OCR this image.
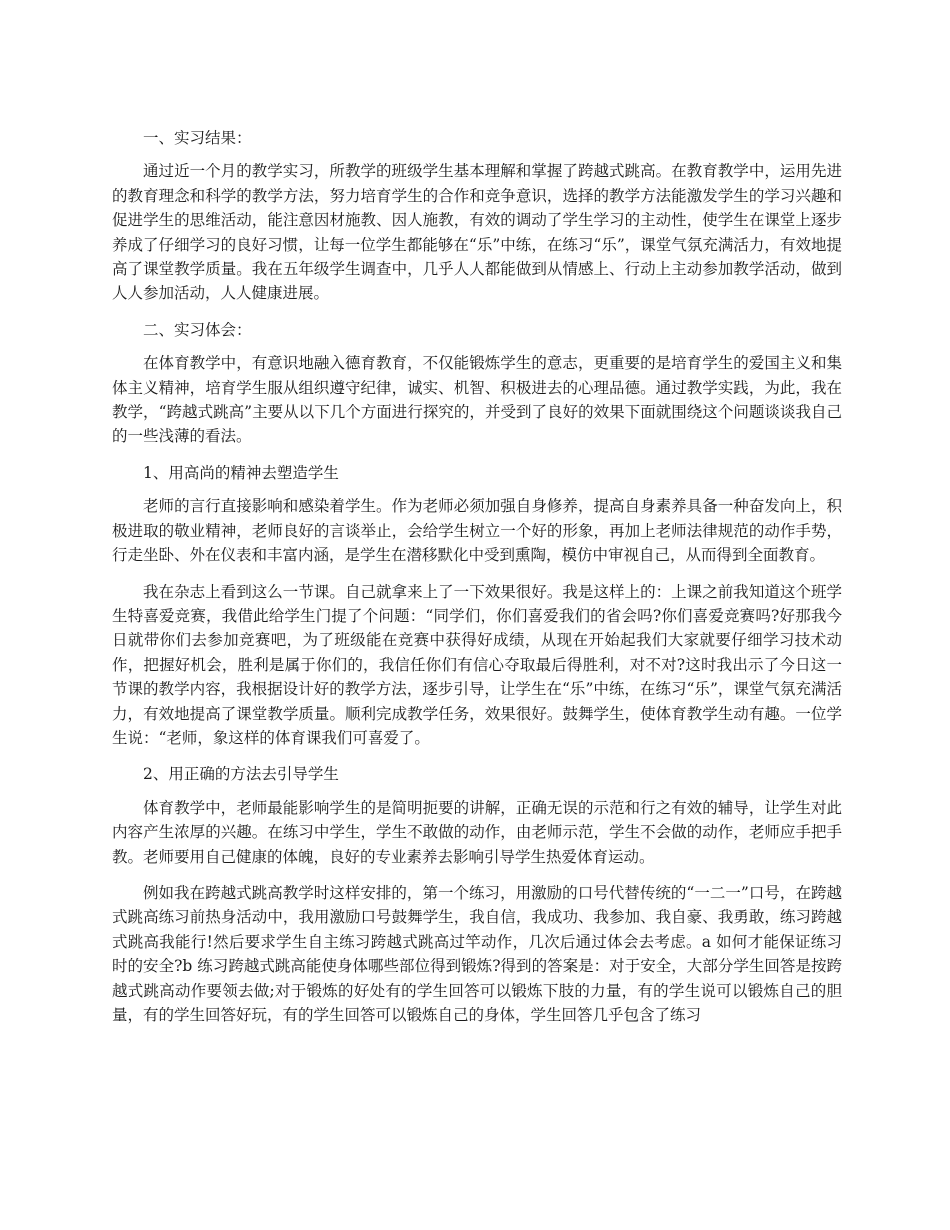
一、实习结果：

通过近一个月的教学实习，所教学的班级学生基本理解和掌握了跨越式跳高。在教育教学中，运用先进的教育理念和科学的教学方法，努力培育学生的合作和竞争意识，选择的教学方法能激发学生的学习兴趣和促进学生的思维活动，能注意因材施教、因人施教，有效的调动了学生学习的主动性，使学生在课堂上逐步养成了仔细学习的良好习惯，让每一位学生都能够在“乐”中练，在练习“乐”，课堂气氛充满活力，有效地提高了课堂教学质量。我在五年级学生调查中，几乎人人都能做到从情感上、行动上主动参加教学活动，做到人人参加活动，人人健康进展。

二、实习体会：

在体育教学中，有意识地融入德育教育，不仅能锻炼学生的意志，更重要的是培育学生的爱国主义和集体主义精神，培育学生服从组织遵守纪律，诚实、机智、积极进去的心理品德。通过教学实践，为此，我在教学，“跨越式跳高”主要从以下几个方面进行探究的，并受到了良好的效果下面就围绕这个问题谈谈我自己的一些浅薄的看法。

1、用高尚的精神去塑造学生

老师的言行直接影响和感染着学生。作为老师必须加强自身修养，提高自身素养具备一种奋发向上，积极进取的敬业精神，老师良好的言谈举止，会给学生树立一个好的形象，再加上老师法律规范的动作手势，行走坐卧、外在仪表和丰富内涵，是学生在潜移默化中受到熏陶，模仿中审视自己，从而得到全面教育。

我在杂志上看到这么一节课。自己就拿来上了一下效果很好。我是这样上的：上课之前我知道这个班学生特喜爱竞赛，我借此给学生门提了个问题：“同学们，你们喜爱我们的省会吗?你们喜爱竞赛吗?好那我今日就带你们去参加竞赛吧，为了班级能在竞赛中获得好成绩，从现在开始起我们大家就要仔细学习技术动作，把握好机会，胜利是属于你们的，我信任你们有信心夺取最后得胜利，对不对?这时我出示了今日这一节课的教学内容，我根据设计好的教学方法，逐步引导，让学生在“乐”中练，在练习“乐”，课堂气氛充满活力，有效地提高了课堂教学质量。顺利完成教学任务，效果很好。鼓舞学生，使体育教学生动有趣。一位学生说：“老师，象这样的体育课我们可喜爱了。

2、用正确的方法去引导学生

体育教学中，老师最能影响学生的是简明扼要的讲解，正确无误的示范和行之有效的辅导，让学生对此内容产生浓厚的兴趣。在练习中学生，学生不敢做的动作，由老师示范，学生不会做的动作，老师应手把手教。老师要用自己健康的体魄，良好的专业素养去影响引导学生热爱体育运动。

例如我在跨越式跳高教学时这样安排的，第一个练习，用激励的口号代替传统的“一二一”口号，在跨越式跳高练习前热身活动中，我用激励口号鼓舞学生，我自信，我成功、我参加、我自豪、我勇敢，练习跨越式跳高我能行!然后要求学生自主练习跨越式跳高过竿动作，几次后通过体会去考虑。a 如何才能保证练习时的安全?b 练习跨越式跳高能使身体哪些部位得到锻炼?得到的答案是：对于安全，大部分学生回答是按跨越式跳高动作要领去做;对于锻炼的好处有的学生回答可以锻炼下肢的力量，有的学生说可以锻炼自己的胆量，有的学生回答好玩，有的学生回答可以锻炼自己的身体，学生回答几乎包含了练习
